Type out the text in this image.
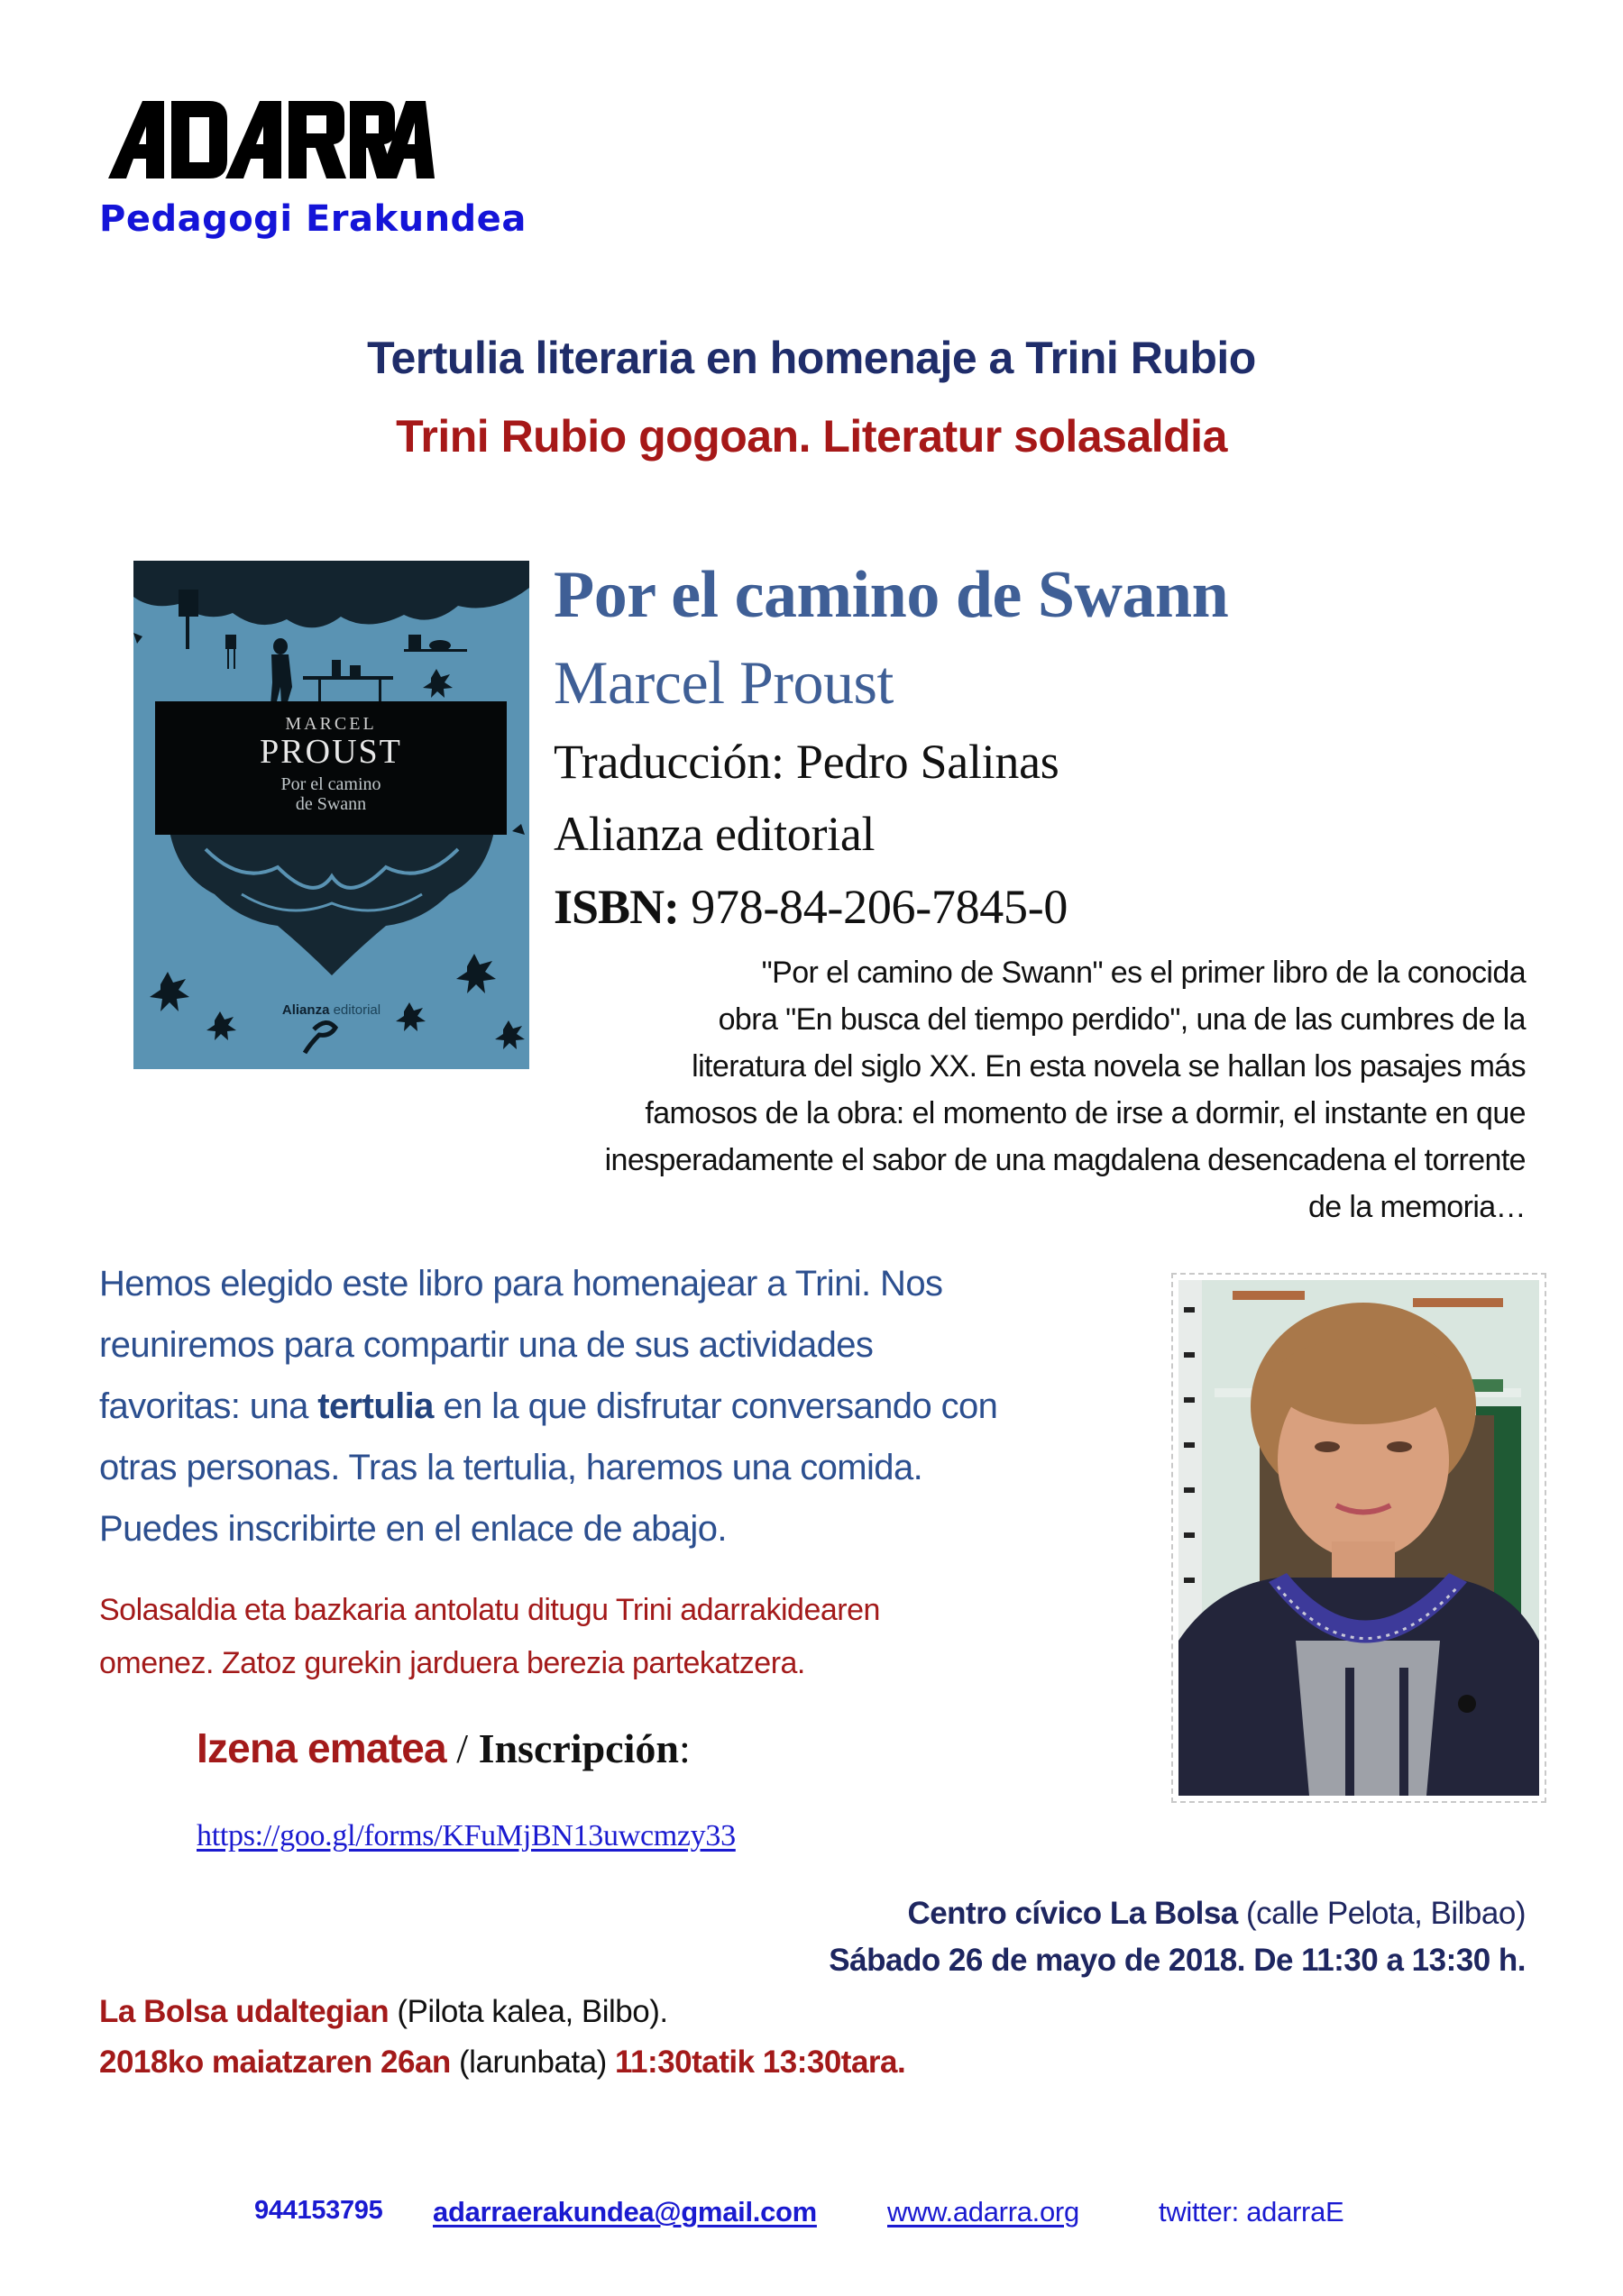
Pedagogi Erakundea
Tertulia literaria en homenaje a Trini Rubio
Trini Rubio gogoan. Literatur solasaldia
MARCEL
PROUST
Por el camino
de Swann
Alianza editorial
Por el camino de Swann
Marcel Proust
Traducción: Pedro Salinas
Alianza editorial
ISBN: 978-84-206-7845-0
"Por el camino de Swann" es el primer libro de la conocida
obra "En busca del tiempo perdido", una de las cumbres de la
literatura del siglo XX. En esta novela se hallan los pasajes más
famosos de la obra: el momento de irse a dormir, el instante en que
inesperadamente el sabor de una magdalena desencadena el torrente
de la memoria…
Hemos elegido este libro para homenajear a Trini. Nos
reuniremos para compartir una de sus actividades
favoritas: una tertulia en la que disfrutar conversando con
otras personas. Tras la tertulia, haremos una comida.
Puedes inscribirte en el enlace de abajo.
Solasaldia eta bazkaria antolatu ditugu Trini adarrakidearen
omenez. Zatoz gurekin jarduera berezia partekatzera.
Izena ematea / Inscripción:
https://goo.gl/forms/KFuMjBN13uwcmzy33
Centro cívico La Bolsa (calle Pelota, Bilbao)
Sábado 26 de mayo de 2018. De 11:30 a 13:30 h.
La Bolsa udaltegian (Pilota kalea, Bilbo).
2018ko maiatzaren 26an (larunbata) 11:30tatik 13:30tara.
944153795 adarraerakundea@gmail.com	www.adarra.org	twitter: adarraE
